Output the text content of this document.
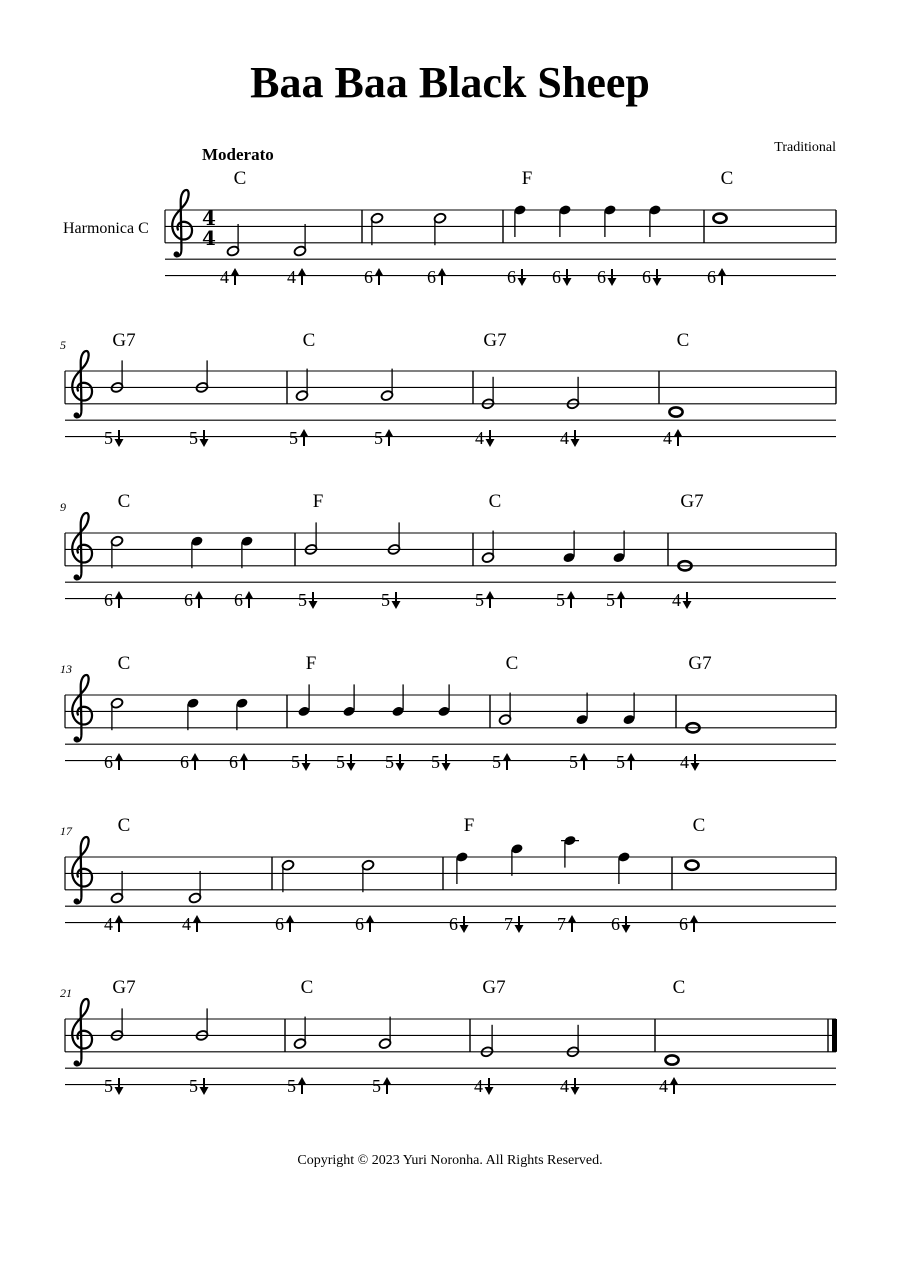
Baa Baa Black Sheep
Moderato	Traditional
Harmonica C	4
4
4	4
C
6	6	6 6 6 6
F
6
C
5
5	5
G7
5	5
C
4	4
G7
4
C
9
6	6 6
C
5	5
F
5	5 5
C
4
G7
13
6	6 6
C
5 5 5 5
F
5	5 5
C
4
G7
17
4	4
C
6	6	6	7 7	6
F
6
C
21
5	5
G7
5	5
C
4	4
G7
4
C
Copyright © 2023 Yuri Noronha. All Rights Reserved.
